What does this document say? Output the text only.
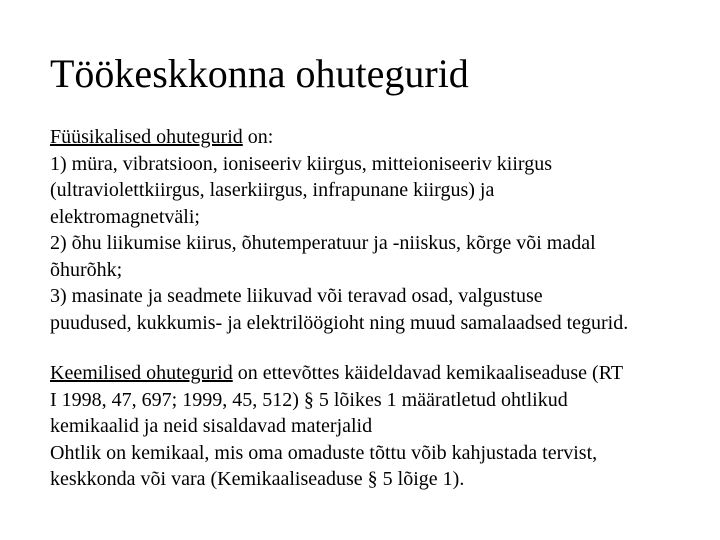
Töökeskkonna ohutegurid
Füüsikalised ohutegurid on:
1) müra, vibratsioon, ioniseeriv kiirgus, mitteioniseeriv kiirgus
(ultraviolettkiirgus, laserkiirgus, infrapunane kiirgus) ja
elektromagnetväli;
2) õhu liikumise kiirus, õhutemperatuur ja -niiskus, kõrge või madal
õhurõhk;
3) masinate ja seadmete liikuvad või teravad osad, valgustuse
puudused, kukkumis- ja elektrilöögioht ning muud samalaadsed tegurid.
Keemilised ohutegurid on ettevõttes käideldavad kemikaaliseaduse (RT
I 1998, 47, 697; 1999, 45, 512) § 5 lõikes 1 määratletud ohtlikud
kemikaalid ja neid sisaldavad materjalid
Ohtlik on kemikaal, mis oma omaduste tõttu võib kahjustada tervist,
keskkonda või vara (Kemikaaliseaduse § 5 lõige 1).
